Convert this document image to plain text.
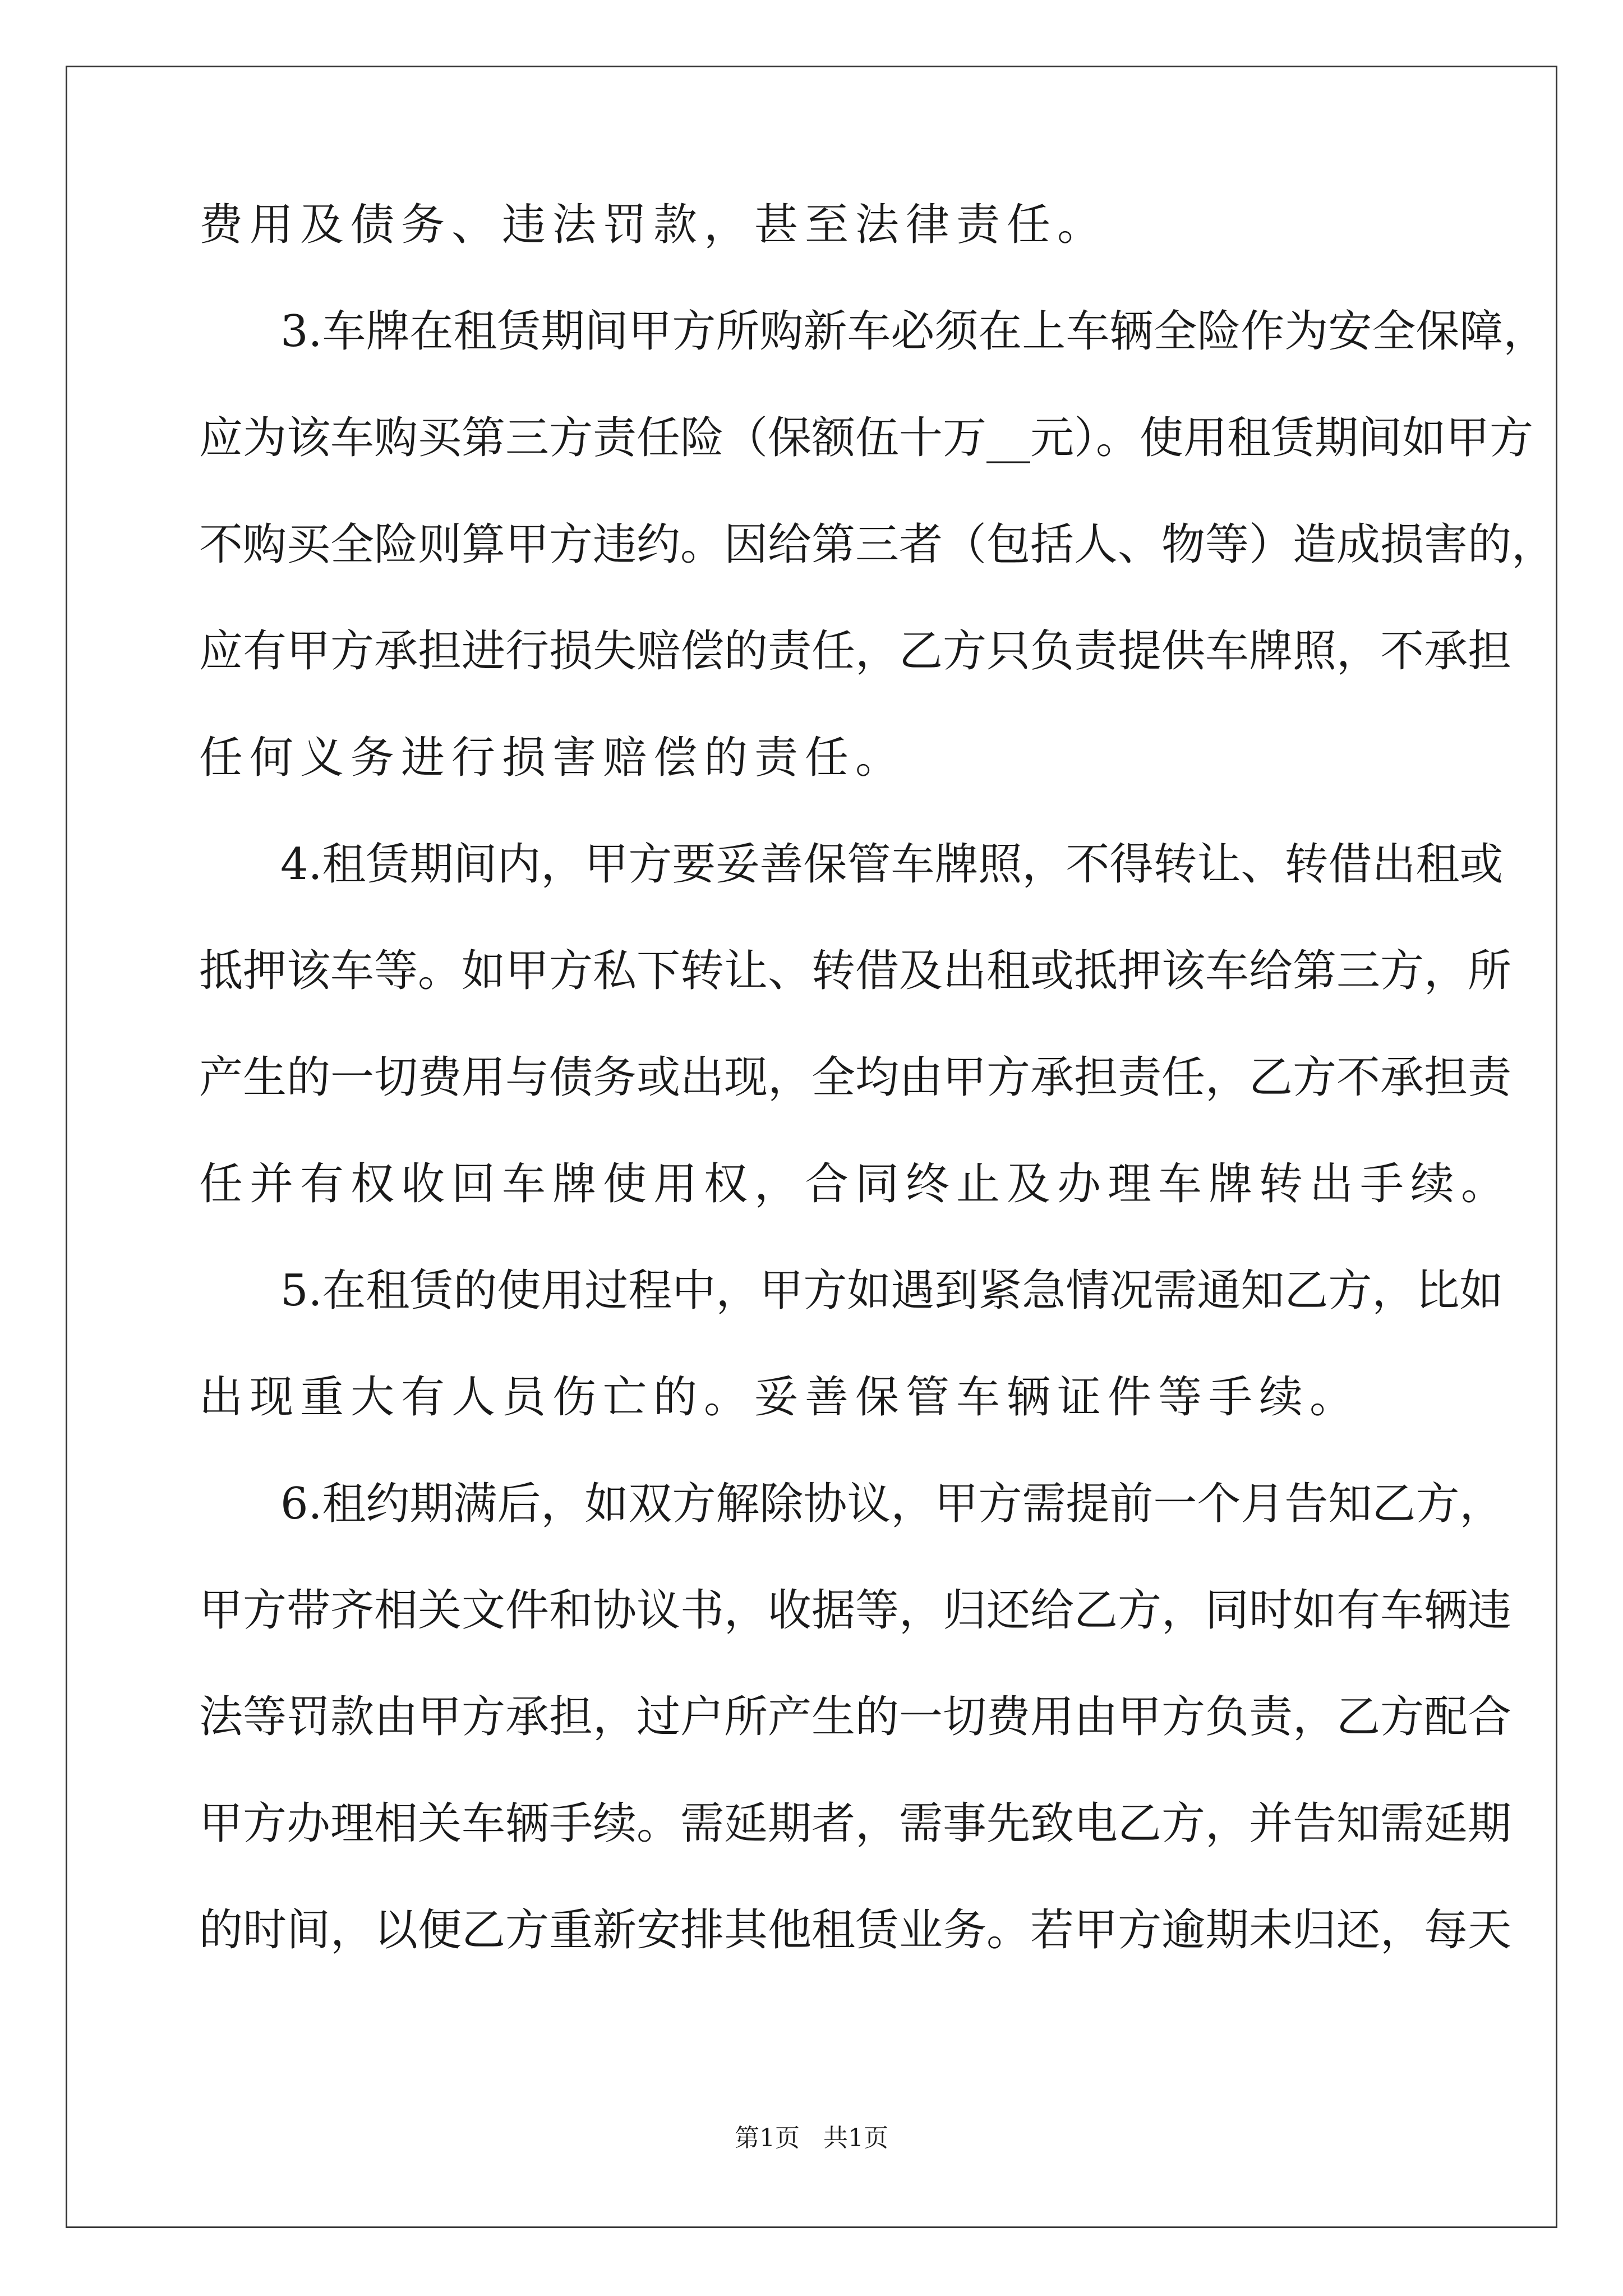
费用及债务、违法罚款，甚至法律责任。
3.车牌在租赁期间甲方所购新车必须在上车辆全险作为安全保障，
应为该车购买第三方责任险（保额伍十万__元）。使用租赁期间如甲方
不购买全险则算甲方违约。因给第三者（包括人、物等）造成损害的，
应有甲方承担进行损失赔偿的责任，乙方只负责提供车牌照，不承担
任何义务进行损害赔偿的责任。
4.租赁期间内，甲方要妥善保管车牌照，不得转让、转借出租或
抵押该车等。如甲方私下转让、转借及出租或抵押该车给第三方，所
产生的一切费用与债务或出现，全均由甲方承担责任，乙方不承担责
任并有权收回车牌使用权，合同终止及办理车牌转出手续。
5.在租赁的使用过程中，甲方如遇到紧急情况需通知乙方，比如
出现重大有人员伤亡的。妥善保管车辆证件等手续。
6.租约期满后，如双方解除协议，甲方需提前一个月告知乙方，
甲方带齐相关文件和协议书，收据等，归还给乙方，同时如有车辆违
法等罚款由甲方承担，过户所产生的一切费用由甲方负责，乙方配合
甲方办理相关车辆手续。需延期者，需事先致电乙方，并告知需延期
的时间，以便乙方重新安排其他租赁业务。若甲方逾期未归还，每天
第1页   共1页
